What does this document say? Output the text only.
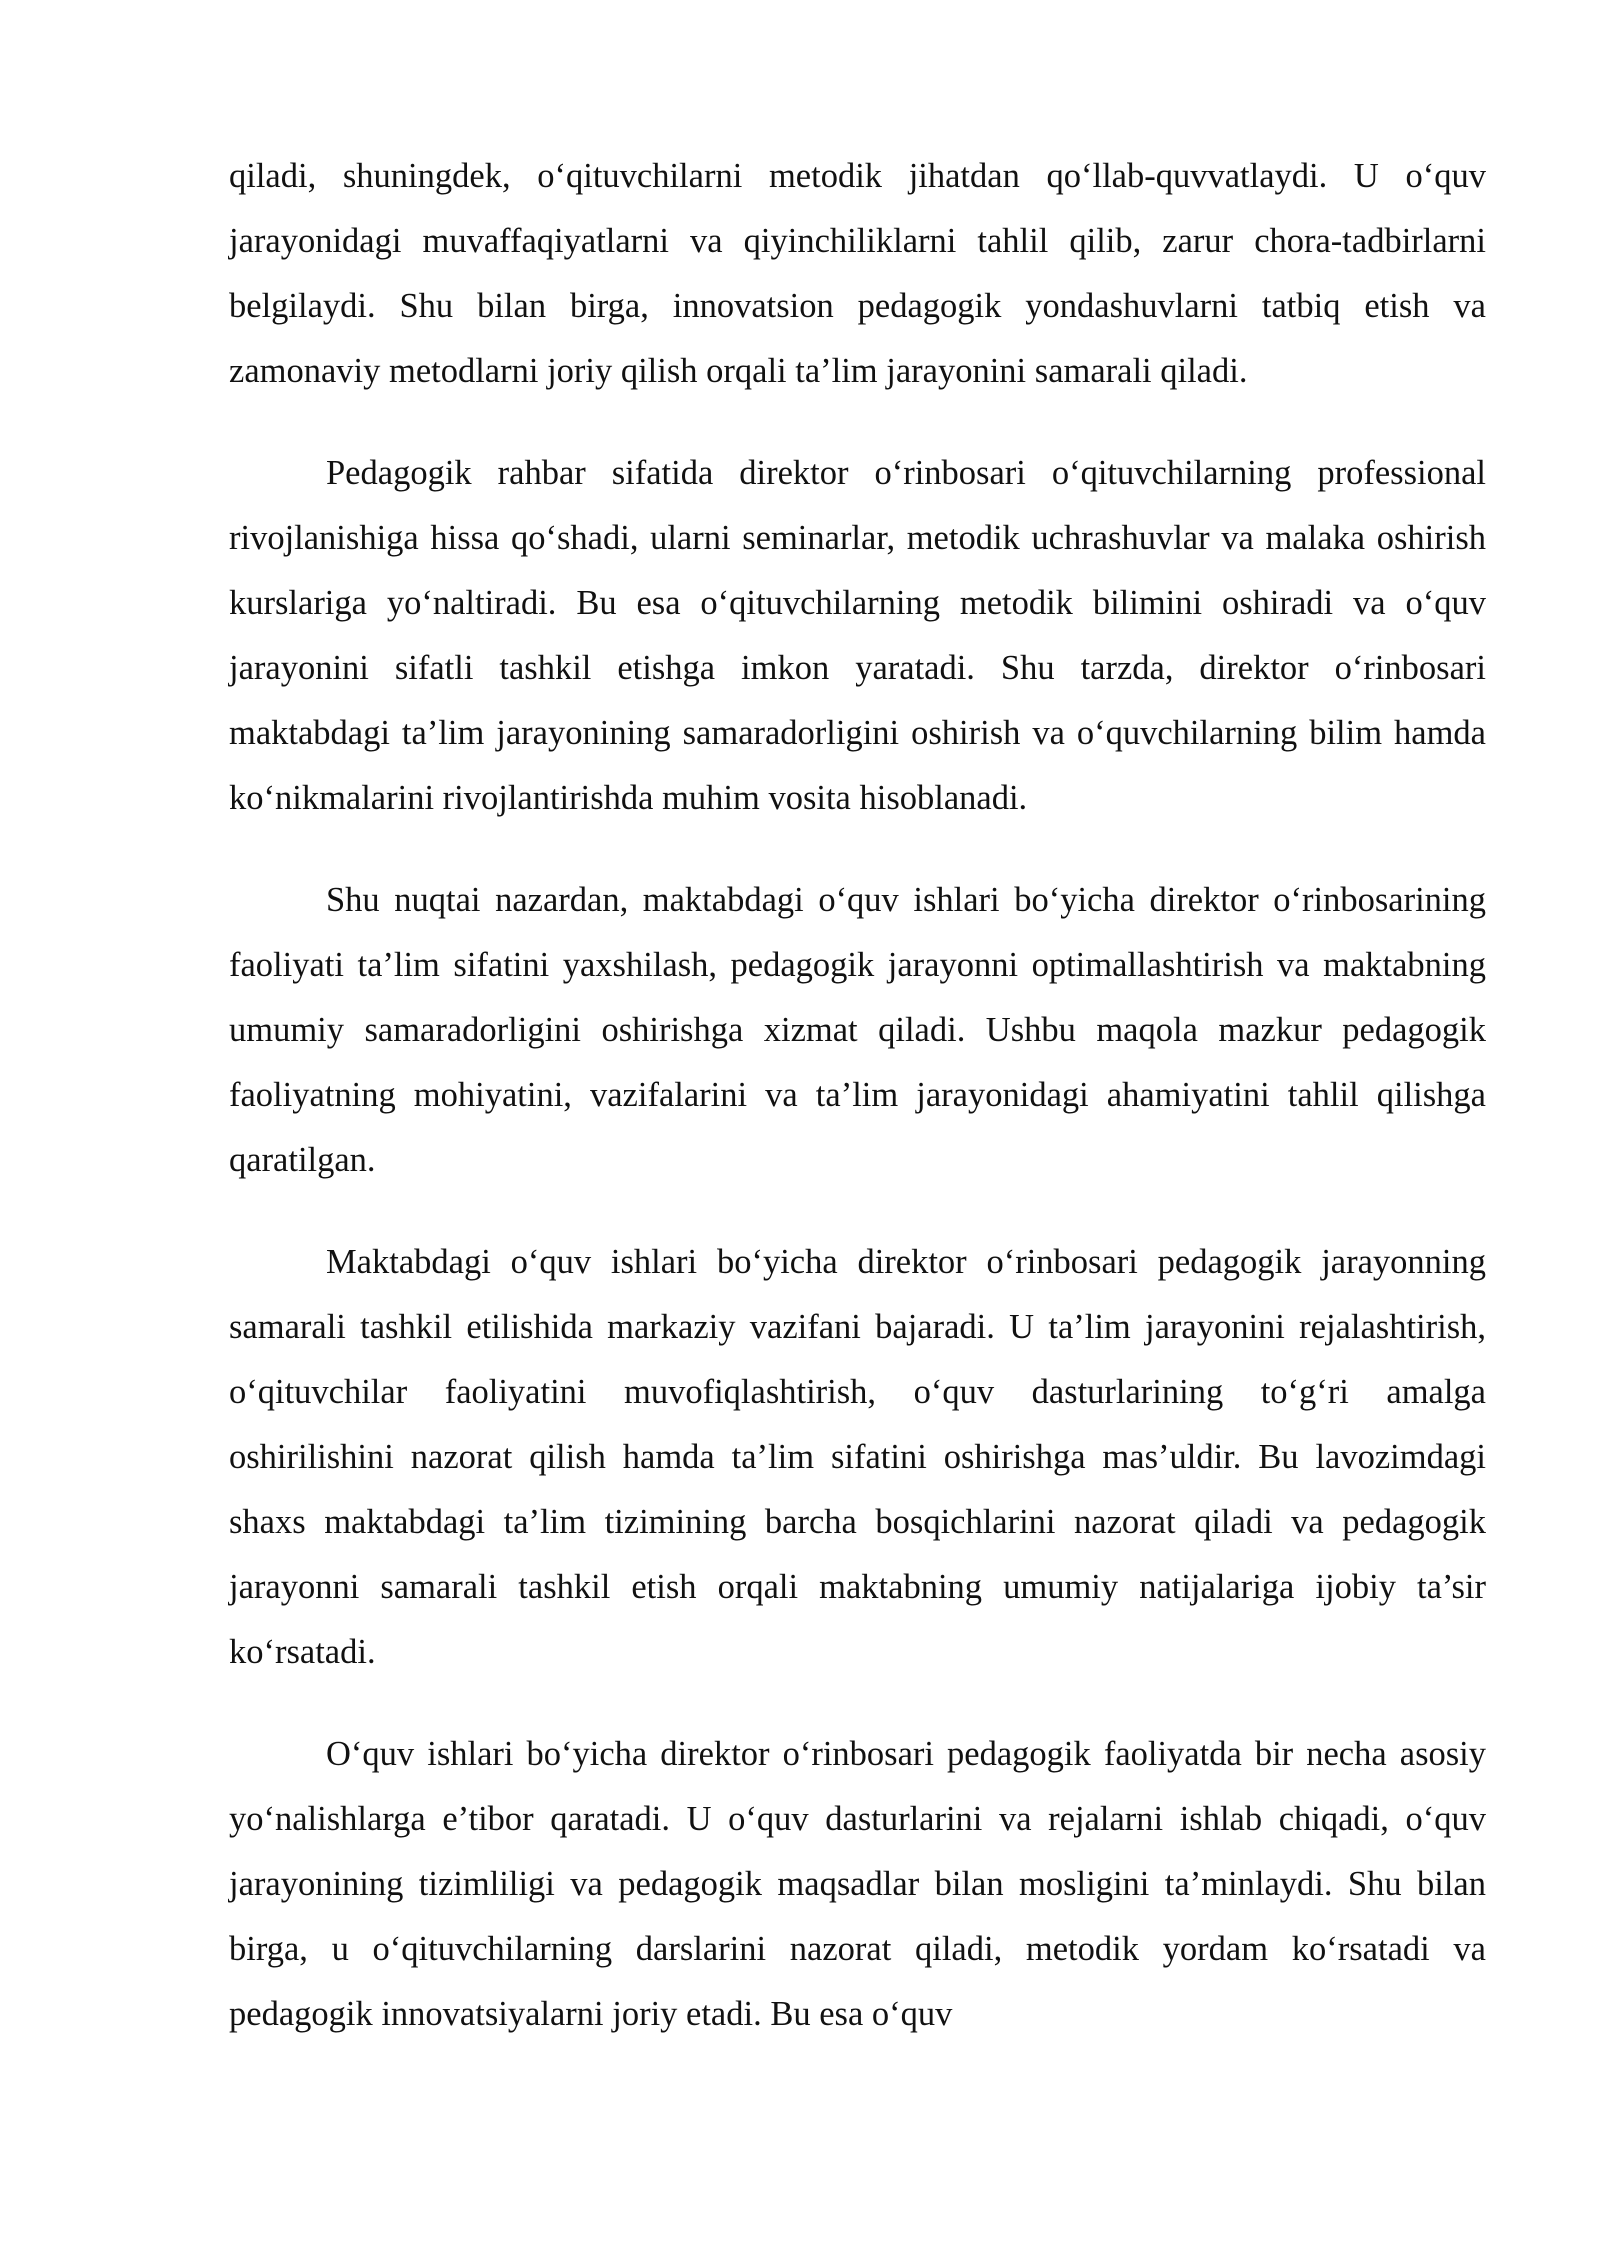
qiladi, shuningdek, o‘qituvchilarni metodik jihatdan qo‘llab-quvvatlaydi. U o‘quv jarayonidagi muvaffaqiyatlarni va qiyinchiliklarni tahlil qilib, zarur chora-tadbirlarni belgilaydi. Shu bilan birga, innovatsion pedagogik yondashuvlarni tatbiq etish va zamonaviy metodlarni joriy qilish orqali ta’lim jarayonini samarali qiladi.

Pedagogik rahbar sifatida direktor o‘rinbosari o‘qituvchilarning professional rivojlanishiga hissa qo‘shadi, ularni seminarlar, metodik uchrashuvlar va malaka oshirish kurslariga yo‘naltiradi. Bu esa o‘qituvchilarning metodik bilimini oshiradi va o‘quv jarayonini sifatli tashkil etishga imkon yaratadi. Shu tarzda, direktor o‘rinbosari maktabdagi ta’lim jarayonining samaradorligini oshirish va o‘quvchilarning bilim hamda ko‘nikmalarini rivojlantirishda muhim vosita hisoblanadi.

Shu nuqtai nazardan, maktabdagi o‘quv ishlari bo‘yicha direktor o‘rinbosarining faoliyati ta’lim sifatini yaxshilash, pedagogik jarayonni optimallashtirish va maktabning umumiy samaradorligini oshirishga xizmat qiladi. Ushbu maqola mazkur pedagogik faoliyatning mohiyatini, vazifalarini va ta’lim jarayonidagi ahamiyatini tahlil qilishga qaratilgan.

Maktabdagi o‘quv ishlari bo‘yicha direktor o‘rinbosari pedagogik jarayonning samarali tashkil etilishida markaziy vazifani bajaradi. U ta’lim jarayonini rejalashtirish, o‘qituvchilar faoliyatini muvofiqlashtirish, o‘quv dasturlarining to‘g‘ri amalga oshirilishini nazorat qilish hamda ta’lim sifatini oshirishga mas’uldir. Bu lavozimdagi shaxs maktabdagi ta’lim tizimining barcha bosqichlarini nazorat qiladi va pedagogik jarayonni samarali tashkil etish orqali maktabning umumiy natijalariga ijobiy ta’sir ko‘rsatadi.

O‘quv ishlari bo‘yicha direktor o‘rinbosari pedagogik faoliyatda bir necha asosiy yo‘nalishlarga e’tibor qaratadi. U o‘quv dasturlarini va rejalarni ishlab chiqadi, o‘quv jarayonining tizimliligi va pedagogik maqsadlar bilan mosligini ta’minlaydi. Shu bilan birga, u o‘qituvchilarning darslarini nazorat qiladi, metodik yordam ko‘rsatadi va pedagogik innovatsiyalarni joriy etadi. Bu esa o‘quv
